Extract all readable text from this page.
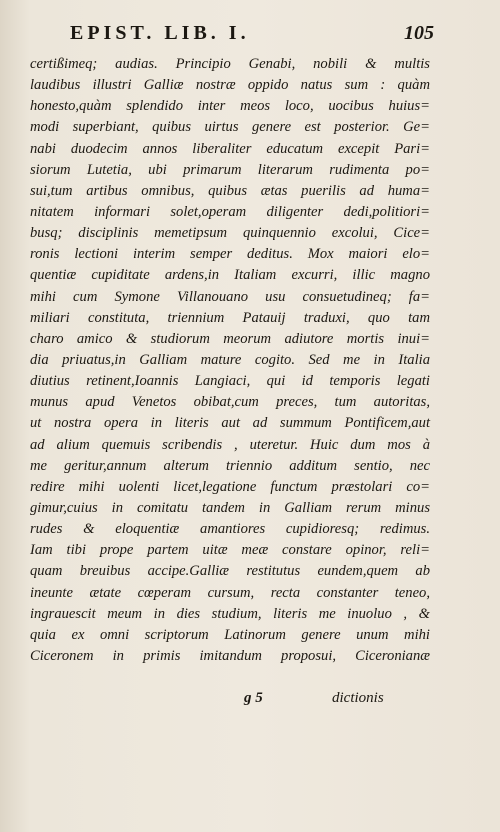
EPIST. LIB. I.	105
certißimeq; audias. Principio Genabi, nobili & multis
laudibus illustri Galliæ nostræ oppido natus sum : quàm
honesto,quàm splendido inter meos loco, uocibus huius=
modi superbiant, quibus uirtus genere est posterior. Ge=
nabi duodecim annos liberaliter educatum excepit Pari=
siorum Lutetia, ubi primarum literarum rudimenta po=
sui,tum artibus omnibus, quibus ætas puerilis ad huma=
nitatem informari solet,operam diligenter dedi,politiori=
busq; disciplinis memetipsum quinquennio excolui, Cice=
ronis lectioni interim semper deditus. Mox maiori elo=
quentiæ cupiditate ardens,in Italiam excurri, illic magno
mihi cum Symone Villanouano usu consuetudineq; fa=
miliari constituta, triennium Patauij traduxi, quo tam
charo amico & studiorum meorum adiutore mortis inui=
dia priuatus,in Galliam mature cogito. Sed me in Italia
diutius retinent,Ioannis Langiaci, qui id temporis legati
munus apud Venetos obibat,cum preces, tum autoritas,
ut nostra opera in literis aut ad summum Pontificem,aut
ad alium quemuis scribendis , uteretur. Huic dum mos à
me geritur,annum alterum triennio additum sentio, nec
redire mihi uolenti licet,legatione functum præstolari co=
gimur,cuius in comitatu tandem in Galliam rerum minus
rudes & eloquentiæ amantiores cupidioresq; redimus.
Iam tibi prope partem uitæ meæ constare opinor, reli=
quam breuibus accipe.Galliæ restitutus eundem,quem ab
ineunte ætate cœperam cursum, recta constanter teneo,
ingrauescit meum in dies studium, literis me inuoluo , &
quia ex omni scriptorum Latinorum genere unum mihi
Ciceronem in primis imitandum proposui, Ciceronianæ
g 5	dictionis
